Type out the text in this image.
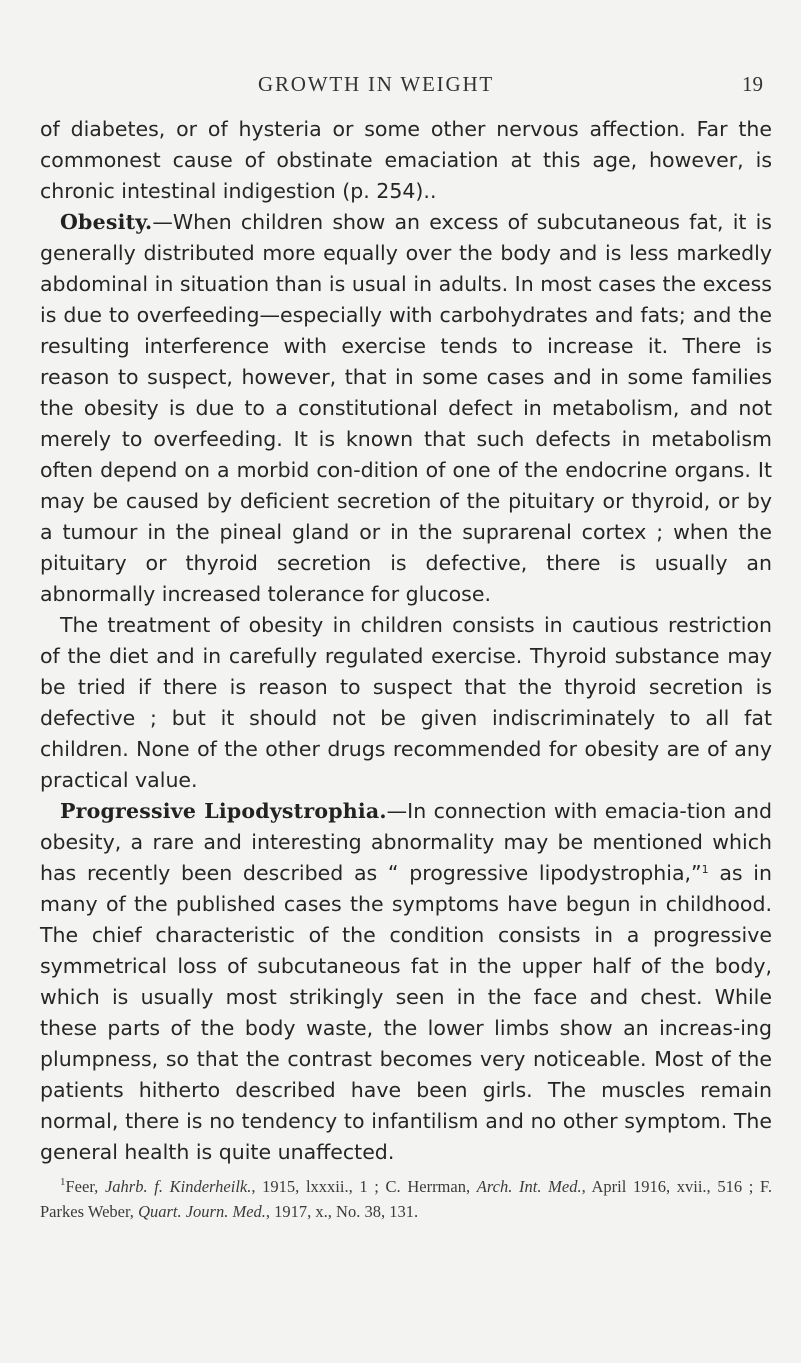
GROWTH IN WEIGHT	19

of diabetes, or of hysteria or some other nervous affection. Far the commonest cause of obstinate emaciation at this age, however, is chronic intestinal indigestion (p. 254)..

Obesity.—When children show an excess of subcutaneous fat, it is generally distributed more equally over the body and is less markedly abdominal in situation than is usual in adults. In most cases the excess is due to overfeeding—especially with carbohydrates and fats; and the resulting interference with exercise tends to increase it. There is reason to suspect, however, that in some cases and in some families the obesity is due to a constitutional defect in metabolism, and not merely to overfeeding. It is known that such defects in metabolism often depend on a morbid con-dition of one of the endocrine organs. It may be caused by deficient secretion of the pituitary or thyroid, or by a tumour in the pineal gland or in the suprarenal cortex ; when the pituitary or thyroid secretion is defective, there is usually an abnormally increased tolerance for glucose.

The treatment of obesity in children consists in cautious restriction of the diet and in carefully regulated exercise. Thyroid substance may be tried if there is reason to suspect that the thyroid secretion is defective ; but it should not be given indiscriminately to all fat children. None of the other drugs recommended for obesity are of any practical value.

Progressive Lipodystrophia.—In connection with emacia-tion and obesity, a rare and interesting abnormality may be mentioned which has recently been described as “ progressive lipodystrophia,”$^1$ as in many of the published cases the symptoms have begun in childhood. The chief characteristic of the condition consists in a progressive symmetrical loss of subcutaneous fat in the upper half of the body, which is usually most strikingly seen in the face and chest. While these parts of the body waste, the lower limbs show an increas-ing plumpness, so that the contrast becomes very noticeable. Most of the patients hitherto described have been girls. The muscles remain normal, there is no tendency to infantilism and no other symptom. The general health is quite unaffected.

$^1$Feer, Jahrb. f. Kinderheilk., 1915, lxxxii., 1 ; C. Herrman, Arch. Int. Med., April 1916, xvii., 516 ; F. Parkes Weber, Quart. Journ. Med., 1917, x., No. 38, 131.
